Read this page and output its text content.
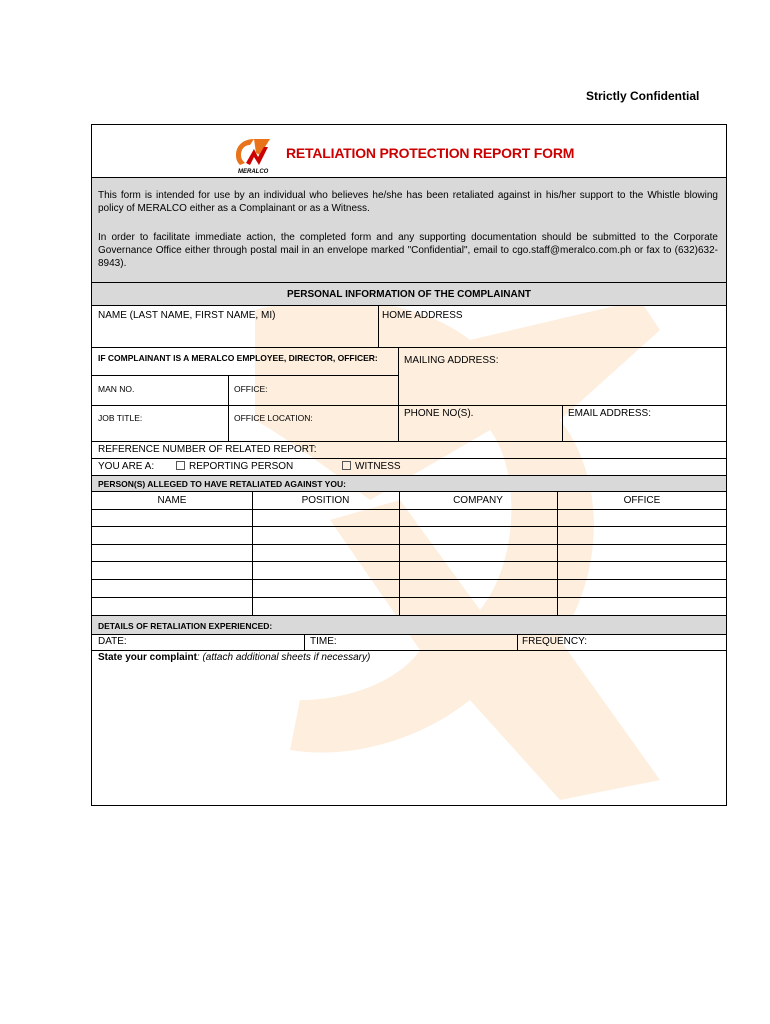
Strictly Confidential
MERALCO
RETALIATION PROTECTION REPORT FORM
This form is intended for use by an individual who believes he/she has been retaliated against in his/her support to the Whistle blowing policy of MERALCO either as a Complainant or as a Witness.
In order to facilitate immediate action, the completed form and any supporting documentation should be submitted to the Corporate Governance Office either through postal mail in an envelope marked "Confidential", email to cgo.staff@meralco.com.ph or fax to (632)632-8943).
PERSONAL INFORMATION OF THE COMPLAINANT
NAME (LAST NAME, FIRST NAME, MI)	HOME ADDRESS
IF COMPLAINANT IS A MERALCO EMPLOYEE, DIRECTOR, OFFICER:	MAILING ADDRESS:
MAN NO.	OFFICE:
JOB TITLE:	OFFICE LOCATION:	PHONE NO(S).	EMAIL ADDRESS:
REFERENCE NUMBER OF RELATED REPORT:
YOU ARE A:	REPORTING PERSON	WITNESS
PERSON(S) ALLEGED TO HAVE RETALIATED AGAINST YOU:
NAME	POSITION	COMPANY	OFFICE
DETAILS OF RETALIATION EXPERIENCED:
DATE:	TIME:	FREQUENCY:
State your complaint: (attach additional sheets if necessary)
